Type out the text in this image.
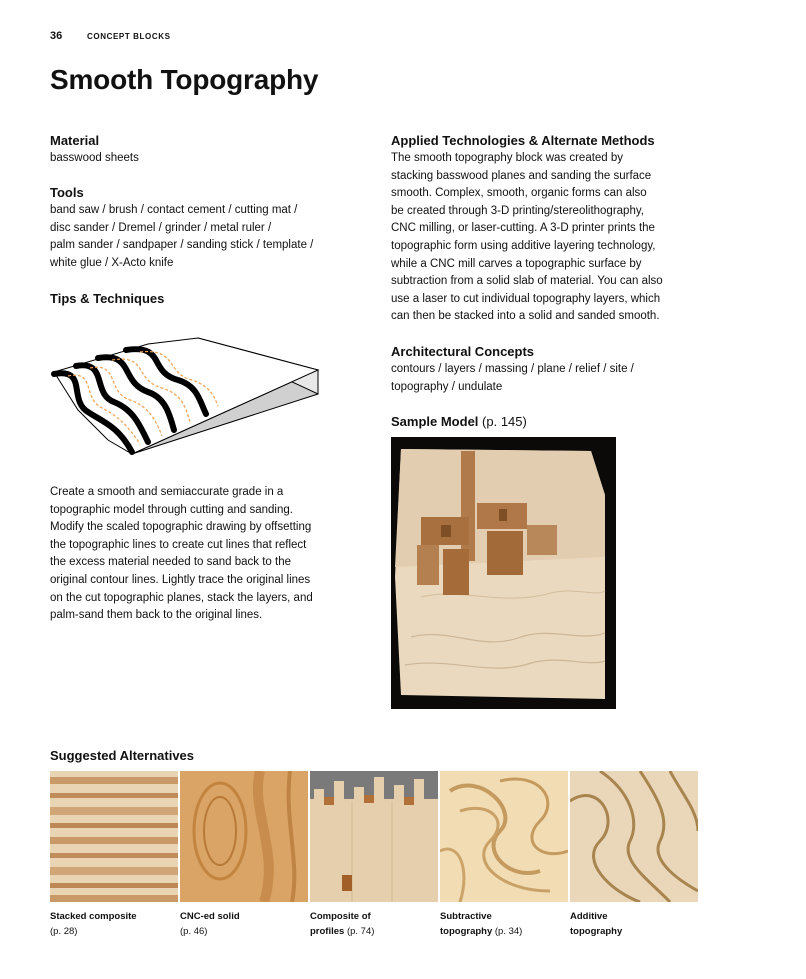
36	CONCEPT BLOCKS
Smooth Topography
Material
basswood sheets
Tools
band saw / brush / contact cement / cutting mat /
disc sander / Dremel / grinder / metal ruler /
palm sander / sandpaper / sanding stick / template /
white glue / X-Acto knife
Tips & Techniques
Create a smooth and semiaccurate grade in a
topographic model through cutting and sanding.
Modify the scaled topographic drawing by offsetting
the topographic lines to create cut lines that reflect
the excess material needed to sand back to the
original contour lines. Lightly trace the original lines
on the cut topographic planes, stack the layers, and
palm-sand them back to the original lines.
Applied Technologies & Alternate Methods
The smooth topography block was created by
stacking basswood planes and sanding the surface
smooth. Complex, smooth, organic forms can also
be created through 3-D printing/stereolithography,
CNC milling, or laser-cutting. A 3-D printer prints the
topographic form using additive layering technology,
while a CNC mill carves a topographic surface by
subtraction from a solid slab of material. You can also
use a laser to cut individual topography layers, which
can then be stacked into a solid and sanded smooth.
Architectural Concepts
contours / layers / massing / plane / relief / site /
topography / undulate
Sample Model (p. 145)
Suggested Alternatives
Stacked composite
(p. 28)
CNC-ed solid
(p. 46)
Composite of
profiles (p. 74)
Subtractive
topography (p. 34)
Additive
topography
